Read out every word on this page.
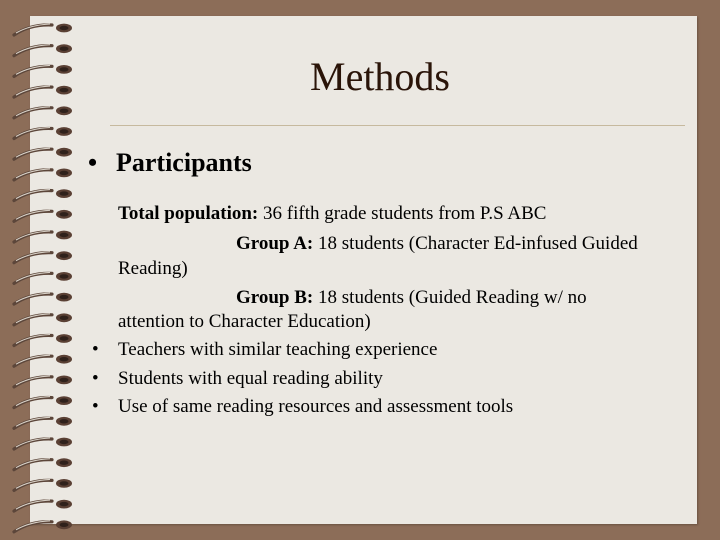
Methods
• Participants
Total population: 36 fifth grade students from P.S ABC
Group A: 18 students (Character Ed-infused Guided
Reading)
Group B: 18 students (Guided Reading w/ no
attention to Character Education)
• Teachers with similar teaching experience
• Students with equal reading ability
• Use of same reading resources and assessment tools
